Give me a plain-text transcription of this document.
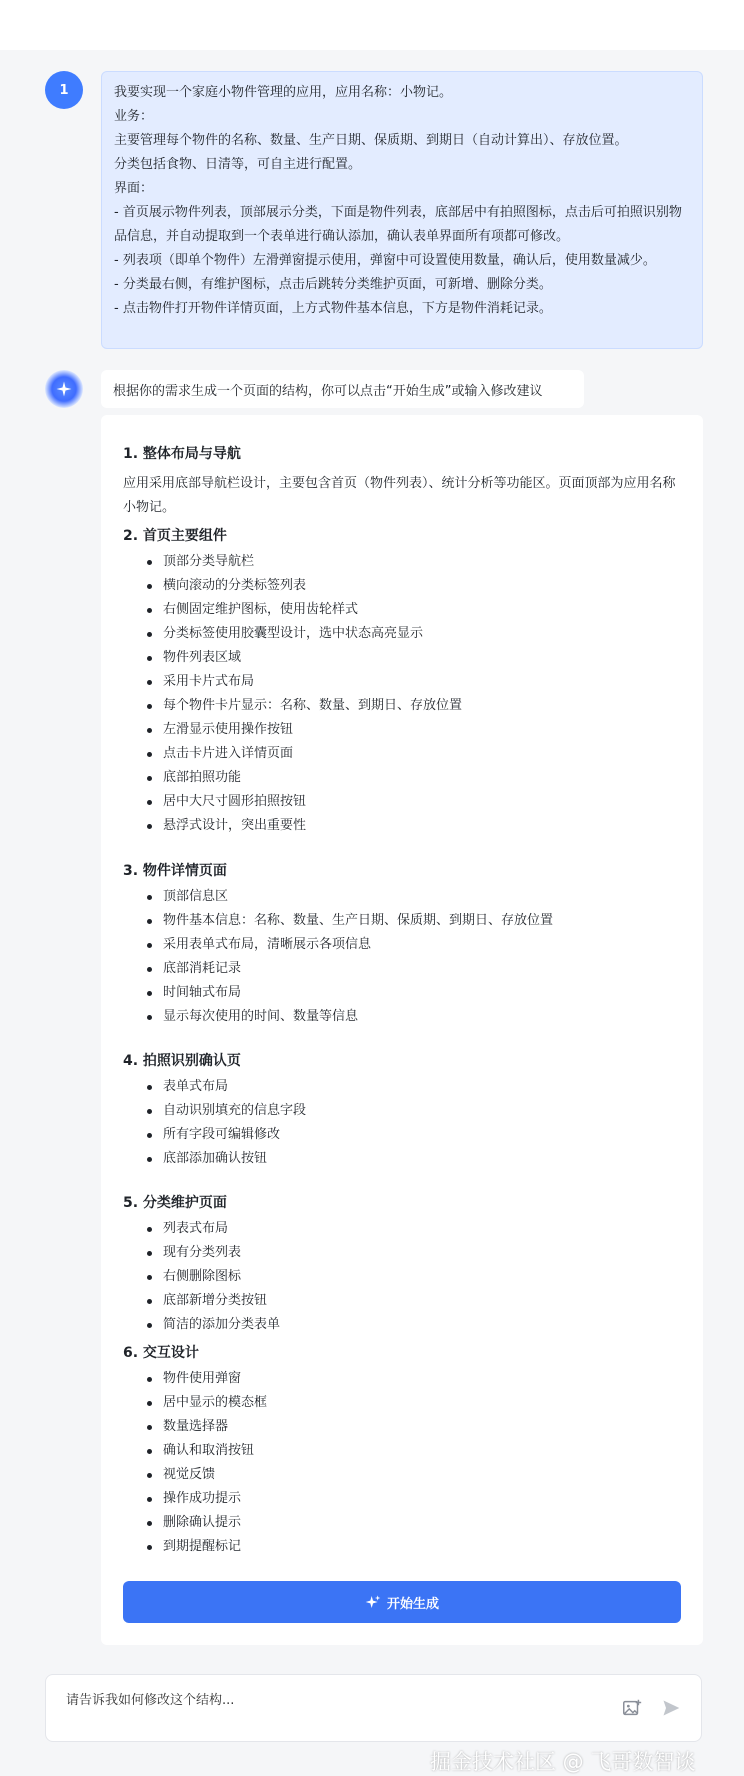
1	我要实现一个家庭小物件管理的应用，应用名称：小物记。
业务：
主要管理每个物件的名称、数量、生产日期、保质期、到期日（自动计算出）、存放位置。
分类包括食物、日清等，可自主进行配置。
界面：
- 首页展示物件列表，顶部展示分类，下面是物件列表，底部居中有拍照图标，点击后可拍照识别物品信息，并自动提取到一个表单进行确认添加，确认表单界面所有项都可修改。
- 列表项（即单个物件）左滑弹窗提示使用，弹窗中可设置使用数量，确认后，使用数量减少。
- 分类最右侧，有维护图标，点击后跳转分类维护页面，可新增、删除分类。
- 点击物件打开物件详情页面，上方式物件基本信息，下方是物件消耗记录。
根据你的需求生成一个页面的结构，你可以点击“开始生成”或输入修改建议
1. 整体布局与导航
应用采用底部导航栏设计，主要包含首页（物件列表）、统计分析等功能区。页面顶部为应用名称小物记。
2. 首页主要组件
顶部分类导航栏
横向滚动的分类标签列表
右侧固定维护图标，使用齿轮样式
分类标签使用胶囊型设计，选中状态高亮显示
物件列表区域
采用卡片式布局
每个物件卡片显示：名称、数量、到期日、存放位置
左滑显示使用操作按钮
点击卡片进入详情页面
底部拍照功能
居中大尺寸圆形拍照按钮
悬浮式设计，突出重要性
3. 物件详情页面
顶部信息区
物件基本信息：名称、数量、生产日期、保质期、到期日、存放位置
采用表单式布局，清晰展示各项信息
底部消耗记录
时间轴式布局
显示每次使用的时间、数量等信息
4. 拍照识别确认页
表单式布局
自动识别填充的信息字段
所有字段可编辑修改
底部添加确认按钮
5. 分类维护页面
列表式布局
现有分类列表
右侧删除图标
底部新增分类按钮
简洁的添加分类表单
6. 交互设计
物件使用弹窗
居中显示的模态框
数量选择器
确认和取消按钮
视觉反馈
操作成功提示
删除确认提示
到期提醒标记
开始生成
请告诉我如何修改这个结构...
掘金技术社区 @ 飞哥数智谈
